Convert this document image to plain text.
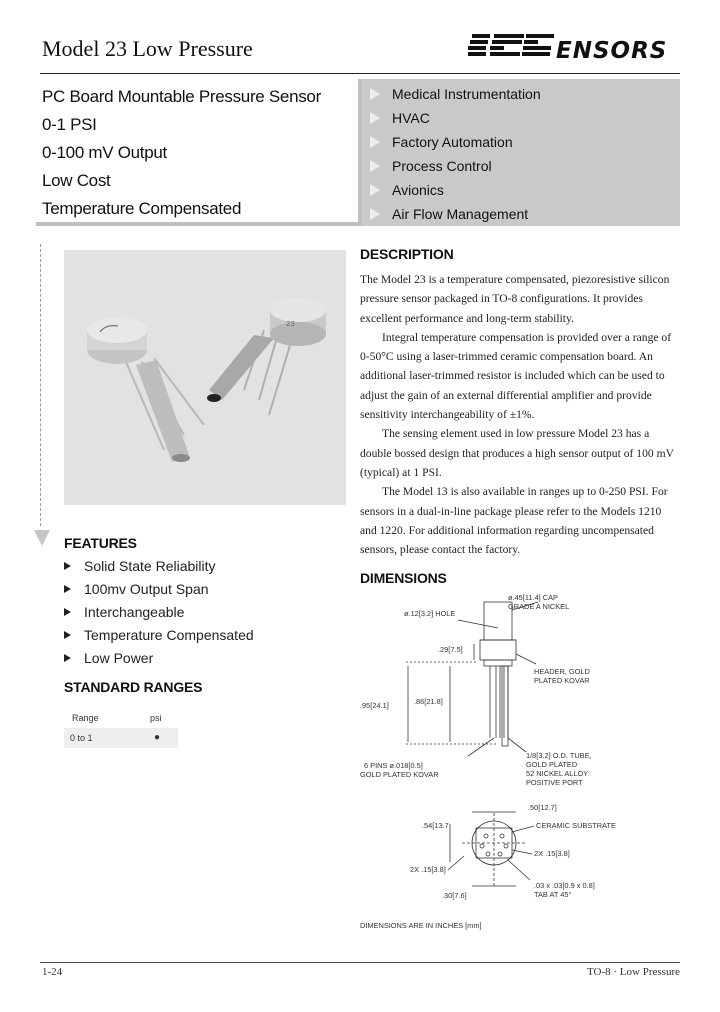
Model 23 Low Pressure	ENSORS
PC Board Mountable Pressure Sensor
0-1 PSI
0-100 mV Output
Low Cost
Temperature Compensated
Medical Instrumentation
HVAC
Factory Automation
Process Control
Avionics
Air Flow Management
23
DESCRIPTION

The Model 23 is a temperature compensated, piezoresistive silicon pressure sensor packaged in TO-8 configurations. It provides excellent performance and long-term stability.

Integral temperature compensation is provided over a range of 0-50°C using a laser-trimmed ceramic compensation board. An additional laser-trimmed resistor is included which can be used to adjust the gain of an external differential amplifier and provide sensitivity interchangeability of ±1%.

The sensing element used in low pressure Model 23 has a double bossed design that produces a high sensor output of 100 mV (typical) at 1 PSI.

The Model 13 is also available in ranges up to 0-250 PSI. For sensors in a dual-in-line package please refer to the Models 1210 and 1220. For additional information regarding uncompensated sensors, please contact the factory.

FEATURES
Solid State Reliability
100mv Output Span
Interchangeable
Temperature Compensated
Low Power
STANDARD RANGES
Range	psi
0 to 1	●
DIMENSIONS
ø.45[11.4] CAP
GRADE A NICKEL
ø.12[3.2] HOLE
.29[7.5]
HEADER, GOLD
PLATED KOVAR
.95[24.1]	.86[21.8]
1/8[3.2] O.D. TUBE,
GOLD PLATED
52 NICKEL ALLOY
POSITIVE PORT
6 PINS ø.018[0.5]
GOLD PLATED KOVAR
.50[12.7]
.54[13.7	CERAMIC SUBSTRATE
2X .15[3.8]
2X .15[3.8]
.03 x .03[0.9 x 0.8]
TAB AT 45°
.30[7.6]
DIMENSIONS ARE IN INCHES [mm]
1-24	TO-8 · Low Pressure
